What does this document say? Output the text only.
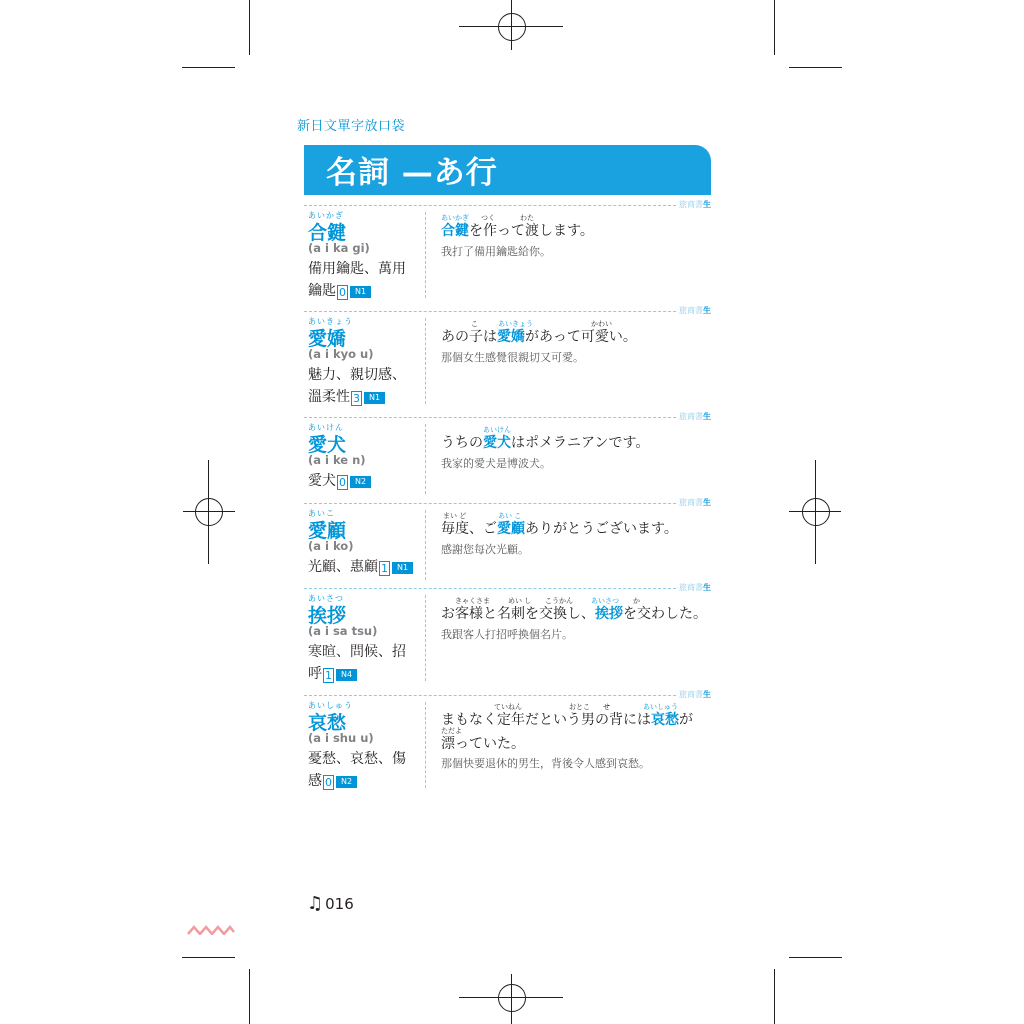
新日文單字放口袋
名詞 —あ行
旅商書生
旅商書生
旅商書生
旅商書生
旅商書生
旅商書生
あいかぎ
合鍵
(a i ka gi)
備用鑰匙、萬用
鑰匙 0 N1
あいかぎ つく	わた
合鍵を作って渡します。
我打了備用鑰匙給你。
あいきょう
愛嬌
(a i kyo u)
魅力、親切感、
溫柔性 3 N1
こ	あいきょう	かわい
あの子は愛嬌があって可愛い。
那個女生感覺很親切又可愛。
あいけん
愛犬
(a i ke n)
愛犬 0 N2
あいけん
うちの愛犬はポメラニアンです。
我家的愛犬是博波犬。
あいこ
愛顧
(a i ko)
光顧、惠顧 1 N1
まい ど	あい こ
毎度、ご愛顧ありがとうございます。
感謝您每次光顧。
あいさつ
挨拶
(a i sa tsu)
寒暄、問候、招
呼 1 N4
きゃくさま	めい し こうかん	あいさつ か
お客様と名刺を交換し、挨拶を交わした。
我跟客人打招呼換個名片。
あいしゅう
哀愁
(a i shu u)
憂愁、哀愁、傷
感 0 N2
ていねん	おとこ せ	あいしゅう
ただよ
まもなく定年だという男の背には哀愁が
漂っていた。
那個快要退休的男生，背後令人感到哀愁。
♫ 016
